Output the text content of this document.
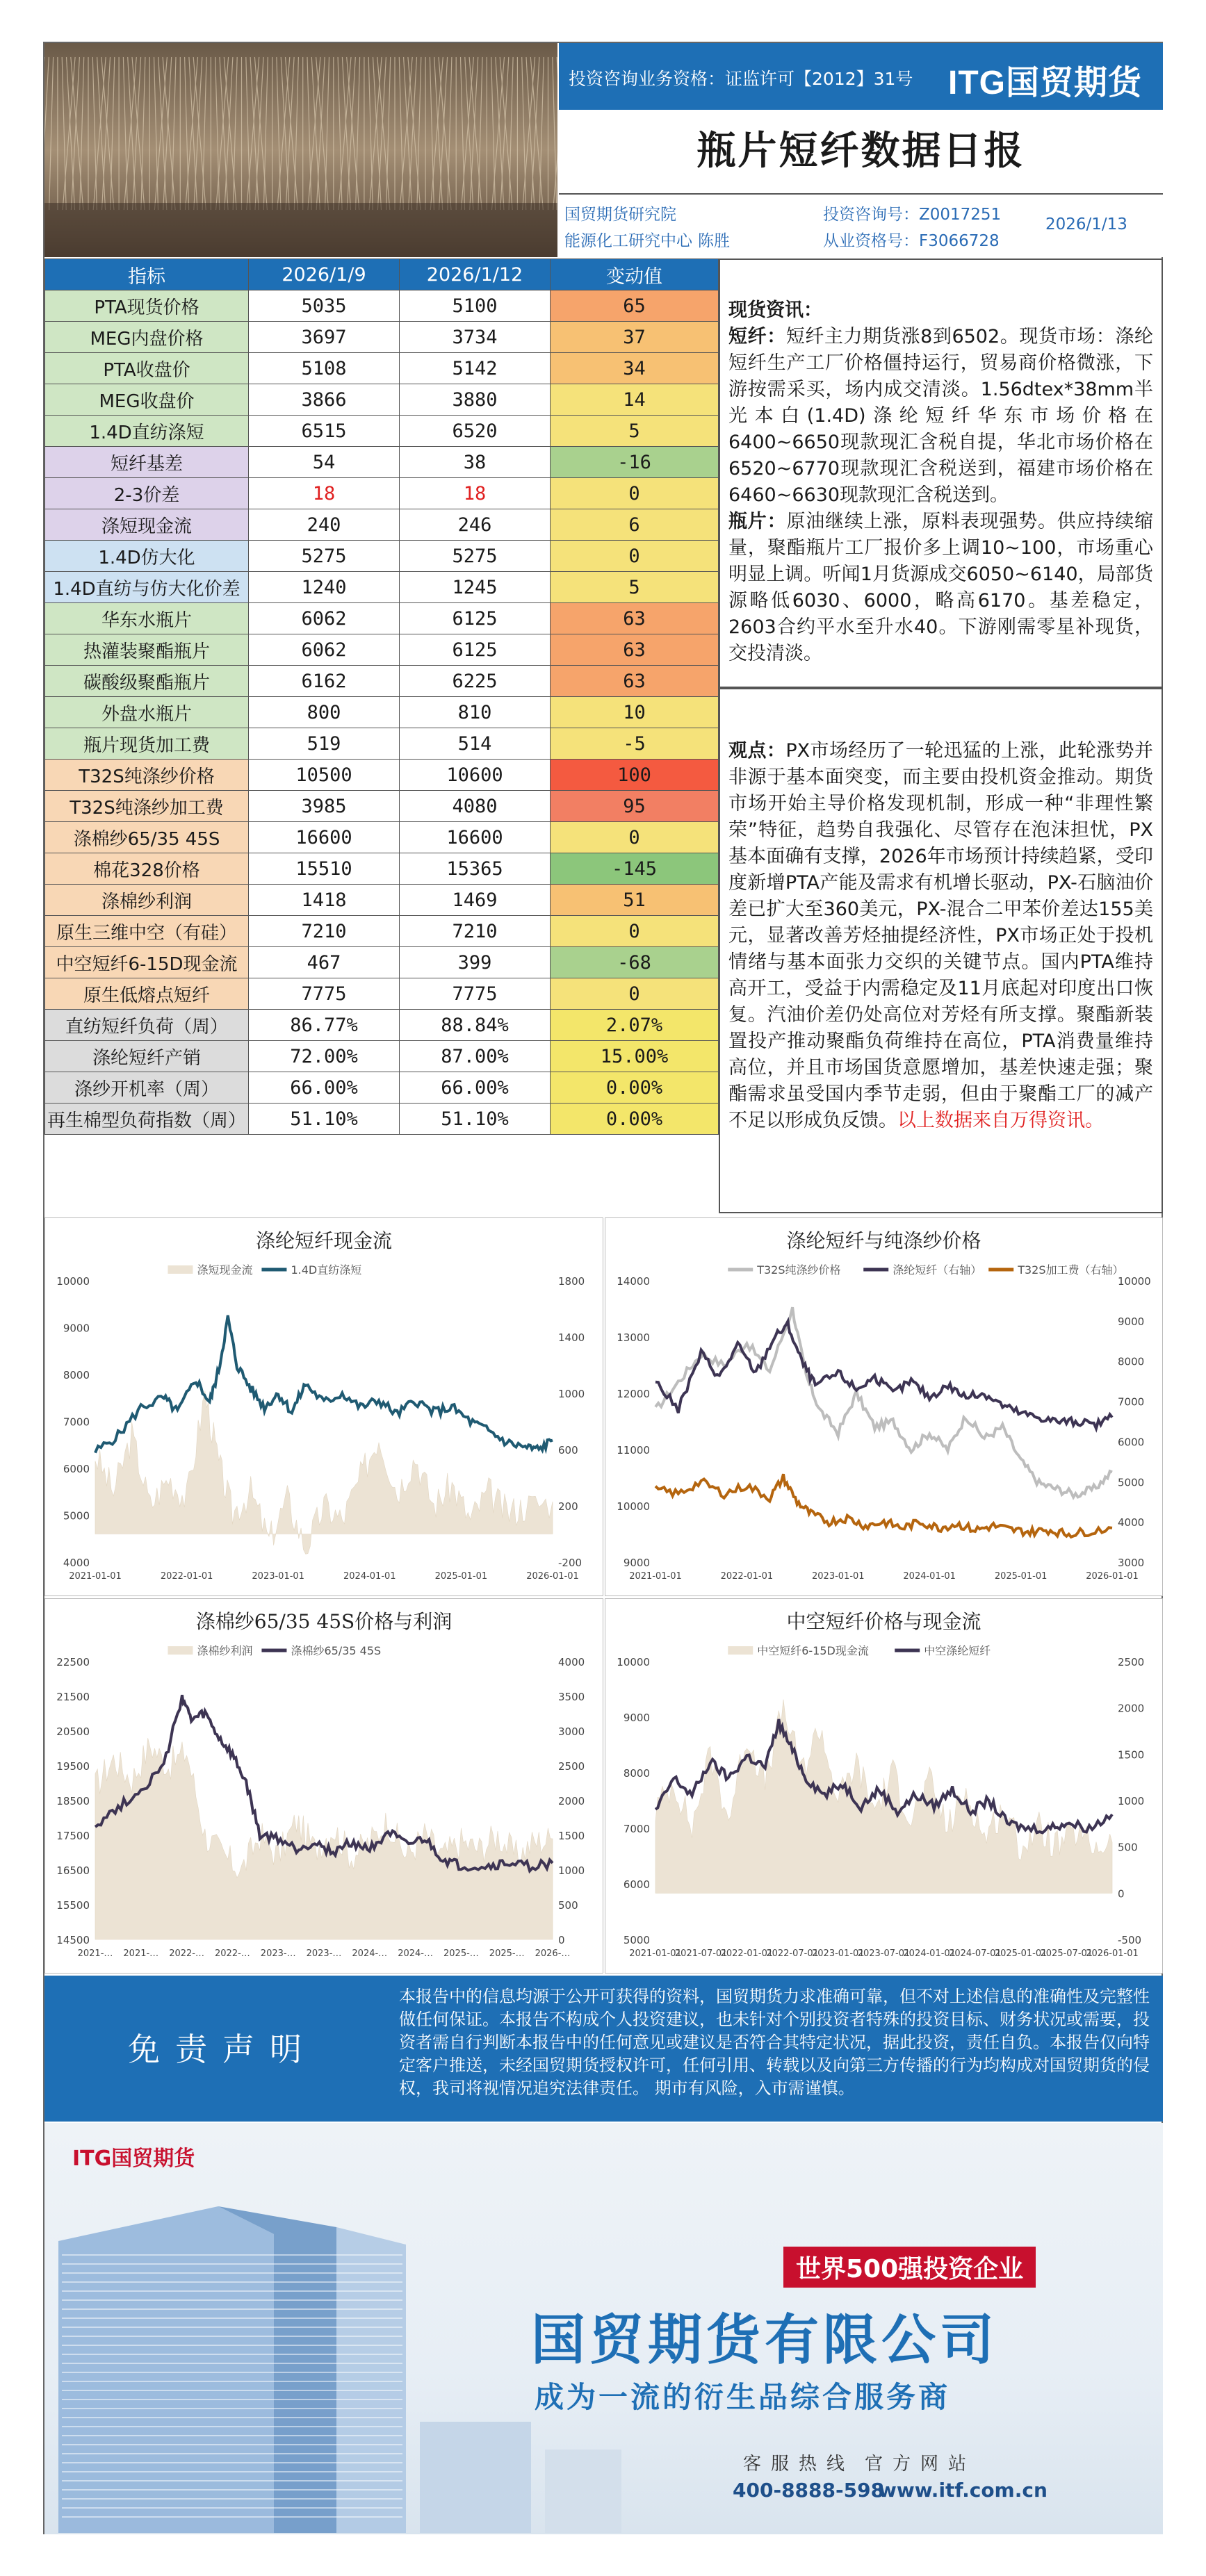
投资咨询业务资格：证监许可【2012】31号 ITG国贸期货
瓶片短纤数据日报
国贸期货研究院
能源化工研究中心 陈胜
投资咨询号：Z0017251
从业资格号：F3066728
2026/1/13
指标	2026/1/9	2026/1/12	变动值
PTA现货价格	5035	5100	65
MEG内盘价格	3697	3734	37
PTA收盘价	5108	5142	34
MEG收盘价	3866	3880	14
1.4D直纺涤短	6515	6520	5
短纤基差	54	38	-16
2-3价差	18	18	0
涤短现金流	240	246	6
1.4D仿大化	5275	5275	0
1.4D直纺与仿大化价差	1240	1245	5
华东水瓶片	6062	6125	63
热灌装聚酯瓶片	6062	6125	63
碳酸级聚酯瓶片	6162	6225	63
外盘水瓶片	800	810	10
瓶片现货加工费	519	514	-5
T32S纯涤纱价格	10500	10600	100
T32S纯涤纱加工费	3985	4080	95
涤棉纱65/35 45S	16600	16600	0
棉花328价格	15510	15365	-145
涤棉纱利润	1418	1469	51
原生三维中空（有硅）	7210	7210	0
中空短纤6-15D现金流	467	399	-68
原生低熔点短纤	7775	7775	0
直纺短纤负荷（周）	86.77%	88.84%	2.07%
涤纶短纤产销	72.00%	87.00%	15.00%
涤纱开机率（周）	66.00%	66.00%	0.00%
再生棉型负荷指数（周）	51.10%	51.10%	0.00%
现货资讯：
短纤：短纤主力期货涨8到6502。现货市场：涤纶短纤生产工厂价格僵持运行，贸易商价格微涨，下游按需采买，场内成交清淡。1.56dtex*38mm半光本白(1.4D)涤纶短纤华东市场价格在6400~6650现款现汇含税自提，华北市场价格在6520~6770现款现汇含税送到，福建市场价格在6460~6630现款现汇含税送到。
瓶片：原油继续上涨，原料表现强势。供应持续缩量，聚酯瓶片工厂报价多上调10~100，市场重心明显上调。听闻1月货源成交6050~6140，局部货源略低6030、6000，略高6170。基差稳定，2603合约平水至升水40。下游刚需零星补现货，交投清淡。
观点：PX市场经历了一轮迅猛的上涨，此轮涨势并非源于基本面突变，而主要由投机资金推动。期货市场开始主导价格发现机制，形成一种“非理性繁荣”特征，趋势自我强化、尽管存在泡沫担忧，PX基本面确有支撑，2026年市场预计持续趋紧，受印度新增PTA产能及需求有机增长驱动，PX-石脑油价差已扩大至360美元，PX-混合二甲苯价差达155美元，显著改善芳烃抽提经济性，PX市场正处于投机情绪与基本面张力交织的关键节点。国内PTA维持高开工，受益于内需稳定及11月底起对印度出口恢复。汽油价差仍处高位对芳烃有所支撑。聚酯新装置投产推动聚酯负荷维持在高位，PTA消费量维持高位，并且市场国货意愿增加，基差快速走强；聚酯需求虽受国内季节走弱，但由于聚酯工厂的减产不足以形成负反馈。以上数据来自万得资讯。
涤纶短纤现金流
涤短现金流	1.4D直纺涤短
10000
9000
8000
7000
6000
5000
4000
1800
1400
1000
600
200
-200
2021-01-01	2022-01-01	2023-01-01	2024-01-01	2025-01-01	2026-01-01
涤纶短纤与纯涤纱价格
T32S纯涤纱价格	涤纶短纤（右轴）	T32S加工费（右轴）
14000
13000
12000
11000
10000
9000
10000
9000
8000
7000
6000
5000
4000
3000
2021-01-01	2022-01-01	2023-01-01	2024-01-01	2025-01-01	2026-01-01
涤棉纱65/35 45S价格与利润
涤棉纱利润	涤棉纱65/35 45S
22500
21500
20500
19500
18500
17500
16500
15500
14500
4000
3500
3000
2500
2000
1500
1000
500
0
2021-… 2021-… 2022-… 2022-… 2023-… 2023-… 2024-… 2024-… 2025-… 2025-… 2026-…
中空短纤价格与现金流
中空短纤6-15D现金流	中空涤纶短纤
10000
9000
8000
7000
6000
5000
2500
2000
1500
1000
500
0
-500
2021-01-01
2021-07-01
2022-01-01
2022-07-01
2023-01-01
2023-07-01
2024-01-01
2024-07-01
2025-01-01
2025-07-01
2026-01-01
免责声明
本报告中的信息均源于公开可获得的资料，国贸期货力求准确可靠，但不对上述信息的准确性及完整性做任何保证。本报告不构成个人投资建议，也未针对个别投资者特殊的投资目标、财务状况或需要，投资者需自行判断本报告中的任何意见或建议是否符合其特定状况，据此投资，责任自负。本报告仅向特定客户推送，未经国贸期货授权许可，任何引用、转载以及向第三方传播的行为均构成对国贸期货的侵权，我司将视情况追究法律责任。 期市有风险，入市需谨慎。
ITG国贸期货
世界500强投资企业
国贸期货有限公司
成为一流的衍生品综合服务商
客服热线 官方网站
400-8888-598
www.itf.com.cn
